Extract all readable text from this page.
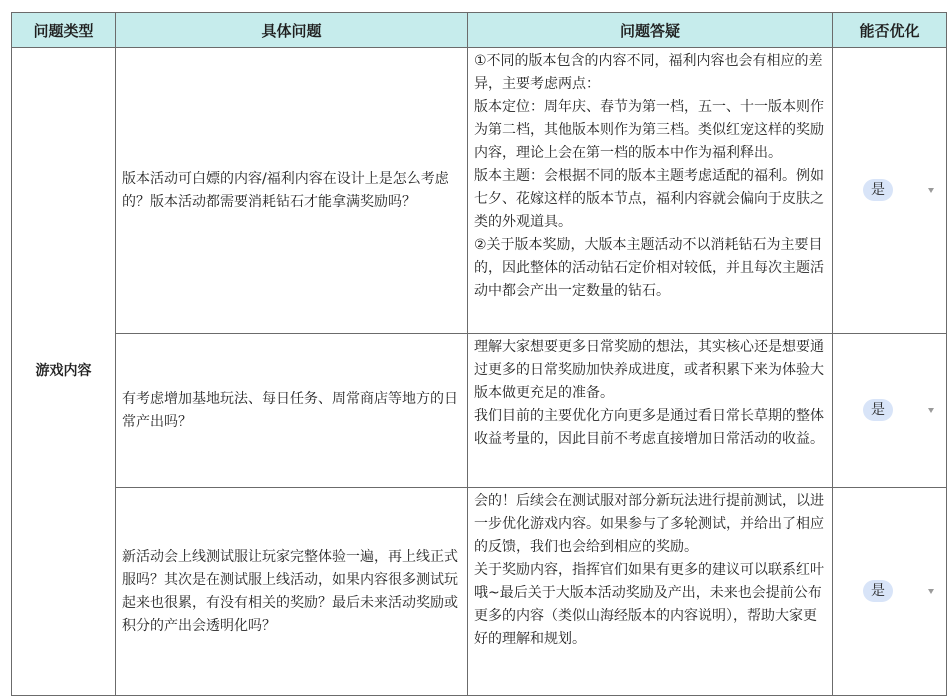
问题类型	具体问题	问题答疑	能否优化
游戏内容	版本活动可白嫖的内容/福利内容在设计上是怎么考虑的？版本活动都需要消耗钻石才能拿满奖励吗？	①不同的版本包含的内容不同，福利内容也会有相应的差异，主要考虑两点：
版本定位：周年庆、春节为第一档，五一、十一版本则作为第二档，其他版本则作为第三档。类似红宠这样的奖励内容，理论上会在第一档的版本中作为福利释出。
版本主题：会根据不同的版本主题考虑适配的福利。例如七夕、花嫁这样的版本节点，福利内容就会偏向于皮肤之类的外观道具。
②关于版本奖励，大版本主题活动不以消耗钻石为主要目的，因此整体的活动钻石定价相对较低，并且每次主题活动中都会产出一定数量的钻石。	是

	有考虑增加基地玩法、每日任务、周常商店等地方的日常产出吗？	理解大家想要更多日常奖励的想法，其实核心还是想要通过更多的日常奖励加快养成进度，或者积累下来为体验大版本做更充足的准备。
我们目前的主要优化方向更多是通过看日常长草期的整体收益考量的，因此目前不考虑直接增加日常活动的收益。	是

	新活动会上线测试服让玩家完整体验一遍，再上线正式服吗？其次是在测试服上线活动，如果内容很多测试玩起来也很累，有没有相关的奖励？最后未来活动奖励或积分的产出会透明化吗？	会的！后续会在测试服对部分新玩法进行提前测试，以进一步优化游戏内容。如果参与了多轮测试，并给出了相应的反馈，我们也会给到相应的奖励。
关于奖励内容，指挥官们如果有更多的建议可以联系红叶哦~最后关于大版本活动奖励及产出，未来也会提前公布更多的内容（类似山海经版本的内容说明），帮助大家更好的理解和规划。	是
